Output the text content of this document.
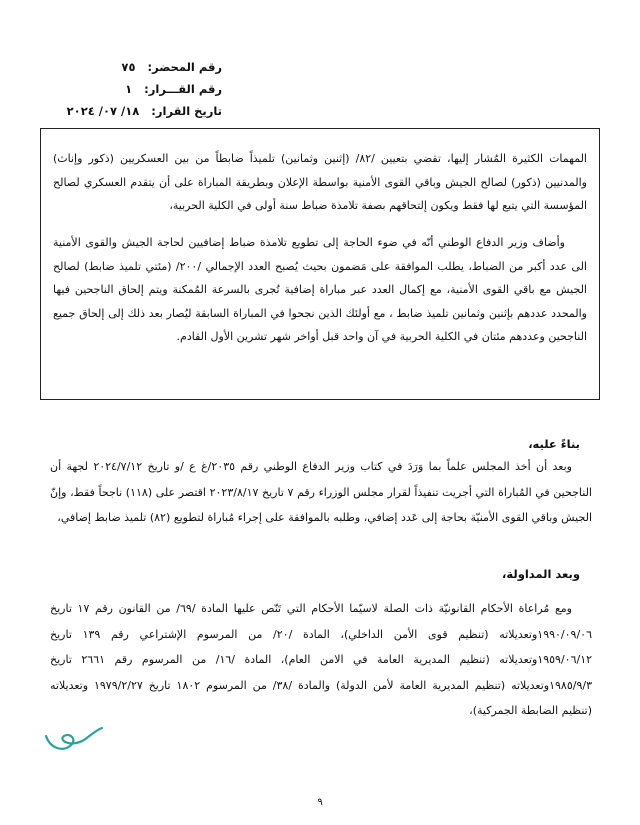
رقم المحضر: ٧٥
رقم القـــرار: ١
تاريخ القرار: ١٨/ ٠٧/ ٢٠٢٤
المهمات الكثيرة المُشار إليها، تقضي بتعيين /٨٢/ (إثنين وثمانين) تلميذاً ضابطاً من بين العسكريين (ذكور وإناث) والمدنيين (ذكور) لصالح الجيش وباقي القوى الأمنية بواسطة الإعلان وبطريقة المباراة على أن يتقدم العسكري لصالح المؤسسة التي يتبع لها فقط ويكون إلتحاقهم بصفة تلامذة ضباط سنة أولى في الكلية الحربية،
وأضاف وزير الدفاع الوطني أنّه في ضوء الحاجة إلى تطويع تلامذة ضباط إضافيين لحاجة الجيش والقوى الأمنية الى عدد أكبر من الضباط، يطلب الموافقة على مَضمون بحيث يُصبح العدد الإجمالي /٢٠٠/ (مئتي تلميذ ضابط) لصالح الجيش مع باقي القوى الأمنية، مع إكمال العدد عبر مباراة إضافية تُجرى بالسرعة المُمكنة ويتم إلحاق الناجحين فيها والمحدد عددهم بإثنين وثمانين تلميذ ضابط ، مع أولئك الذين نجحوا في المباراة السابقة ليُصار بعد ذلك إلى إلحاق جميع الناجحين وعددهم مئتان في الكلية الحربية في آن واحد قبل أواخر شهر تشرين الأول القادم.
بناءً عليه،
وبعد أن أخذ المجلس علماً بما وَرَدَ في كتاب وزير الدفاع الوطني رقم ٢٠٣٥/غ ع /و تاريخ ٢٠٢٤/٧/١٢ لجهة أن الناجحين في المُباراة التي أجريت تنفيذاً لقرار مجلس الوزراء رقم ٧ تاريخ ٢٠٢٣/٨/١٧ اقتصر على (١١٨) ناجحاً فقط، وإنّ الجيش وباقي القوى الأمنيّة بحاجة إلى عَدد إضافي، وطلبه بالموافقة على إجراء مُباراة لتطويع (٨٢) تلميذ ضابط إضافي،
وبعد المداولة،
ومع مُراعاة الأحكام القانونيّة ذات الصلة لاسيّما الأحكام التي تَنّص عليها المادة /٦٩/ من القانون رقم ١٧ تاريخ ١٩٩٠/٠٩/٠٦وتعديلاته (تنظيم قوى الأمن الداخلي)، المادة /٢٠/ من المرسوم الإشتراعي رقم ١٣٩ تاريخ ١٩٥٩/٠٦/١٢وتعديلاته (تنظيم المديرية العامة في الامن العام)، المادة /١٦/ من المرسوم رقم ٢٦٦١ تاريخ ١٩٨٥/٩/٣وتعديلاته (تنظيم المديرية العامة لأمن الدولة) والمادة /٣٨/ من المرسوم ١٨٠٢ تاريخ ١٩٧٩/٢/٢٧ وتعديلاته (تنظيم الضابطة الجمركية)،
٩
